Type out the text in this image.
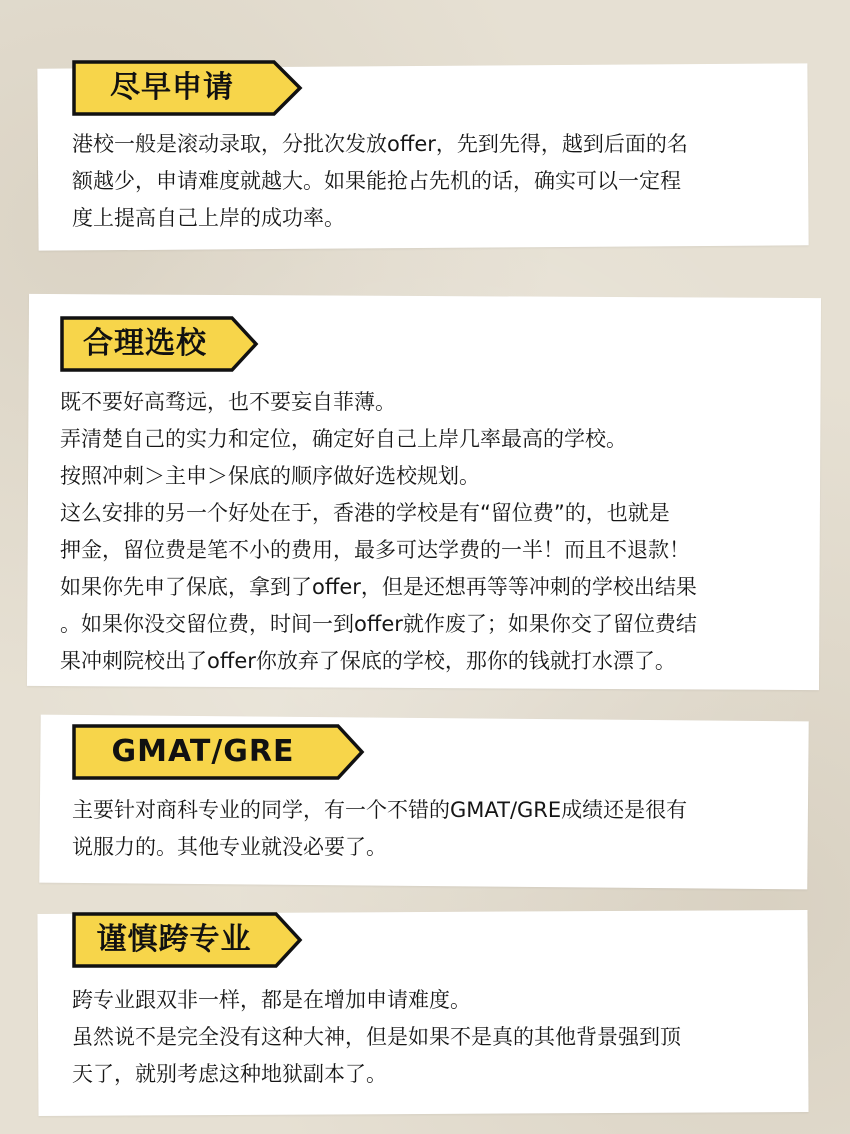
尽早申请

港校一般是滚动录取，分批次发放offer，先到先得，越到后面的名

额越少，申请难度就越大。如果能抢占先机的话，确实可以一定程

度上提高自己上岸的成功率。

合理选校

既不要好高骛远，也不要妄自菲薄。

弄清楚自己的实力和定位，确定好自己上岸几率最高的学校。

按照冲刺＞主申＞保底的顺序做好选校规划。

这么安排的另一个好处在于，香港的学校是有“留位费”的，也就是

押金，留位费是笔不小的费用，最多可达学费的一半！而且不退款！

如果你先申了保底，拿到了offer，但是还想再等等冲刺的学校出结果

。如果你没交留位费，时间一到offer就作废了；如果你交了留位费结

果冲刺院校出了offer你放弃了保底的学校，那你的钱就打水漂了。

GMAT/GRE

主要针对商科专业的同学，有一个不错的GMAT/GRE成绩还是很有

说服力的。其他专业就没必要了。

谨慎跨专业

跨专业跟双非一样，都是在增加申请难度。

虽然说不是完全没有这种大神，但是如果不是真的其他背景强到顶

天了，就别考虑这种地狱副本了。
